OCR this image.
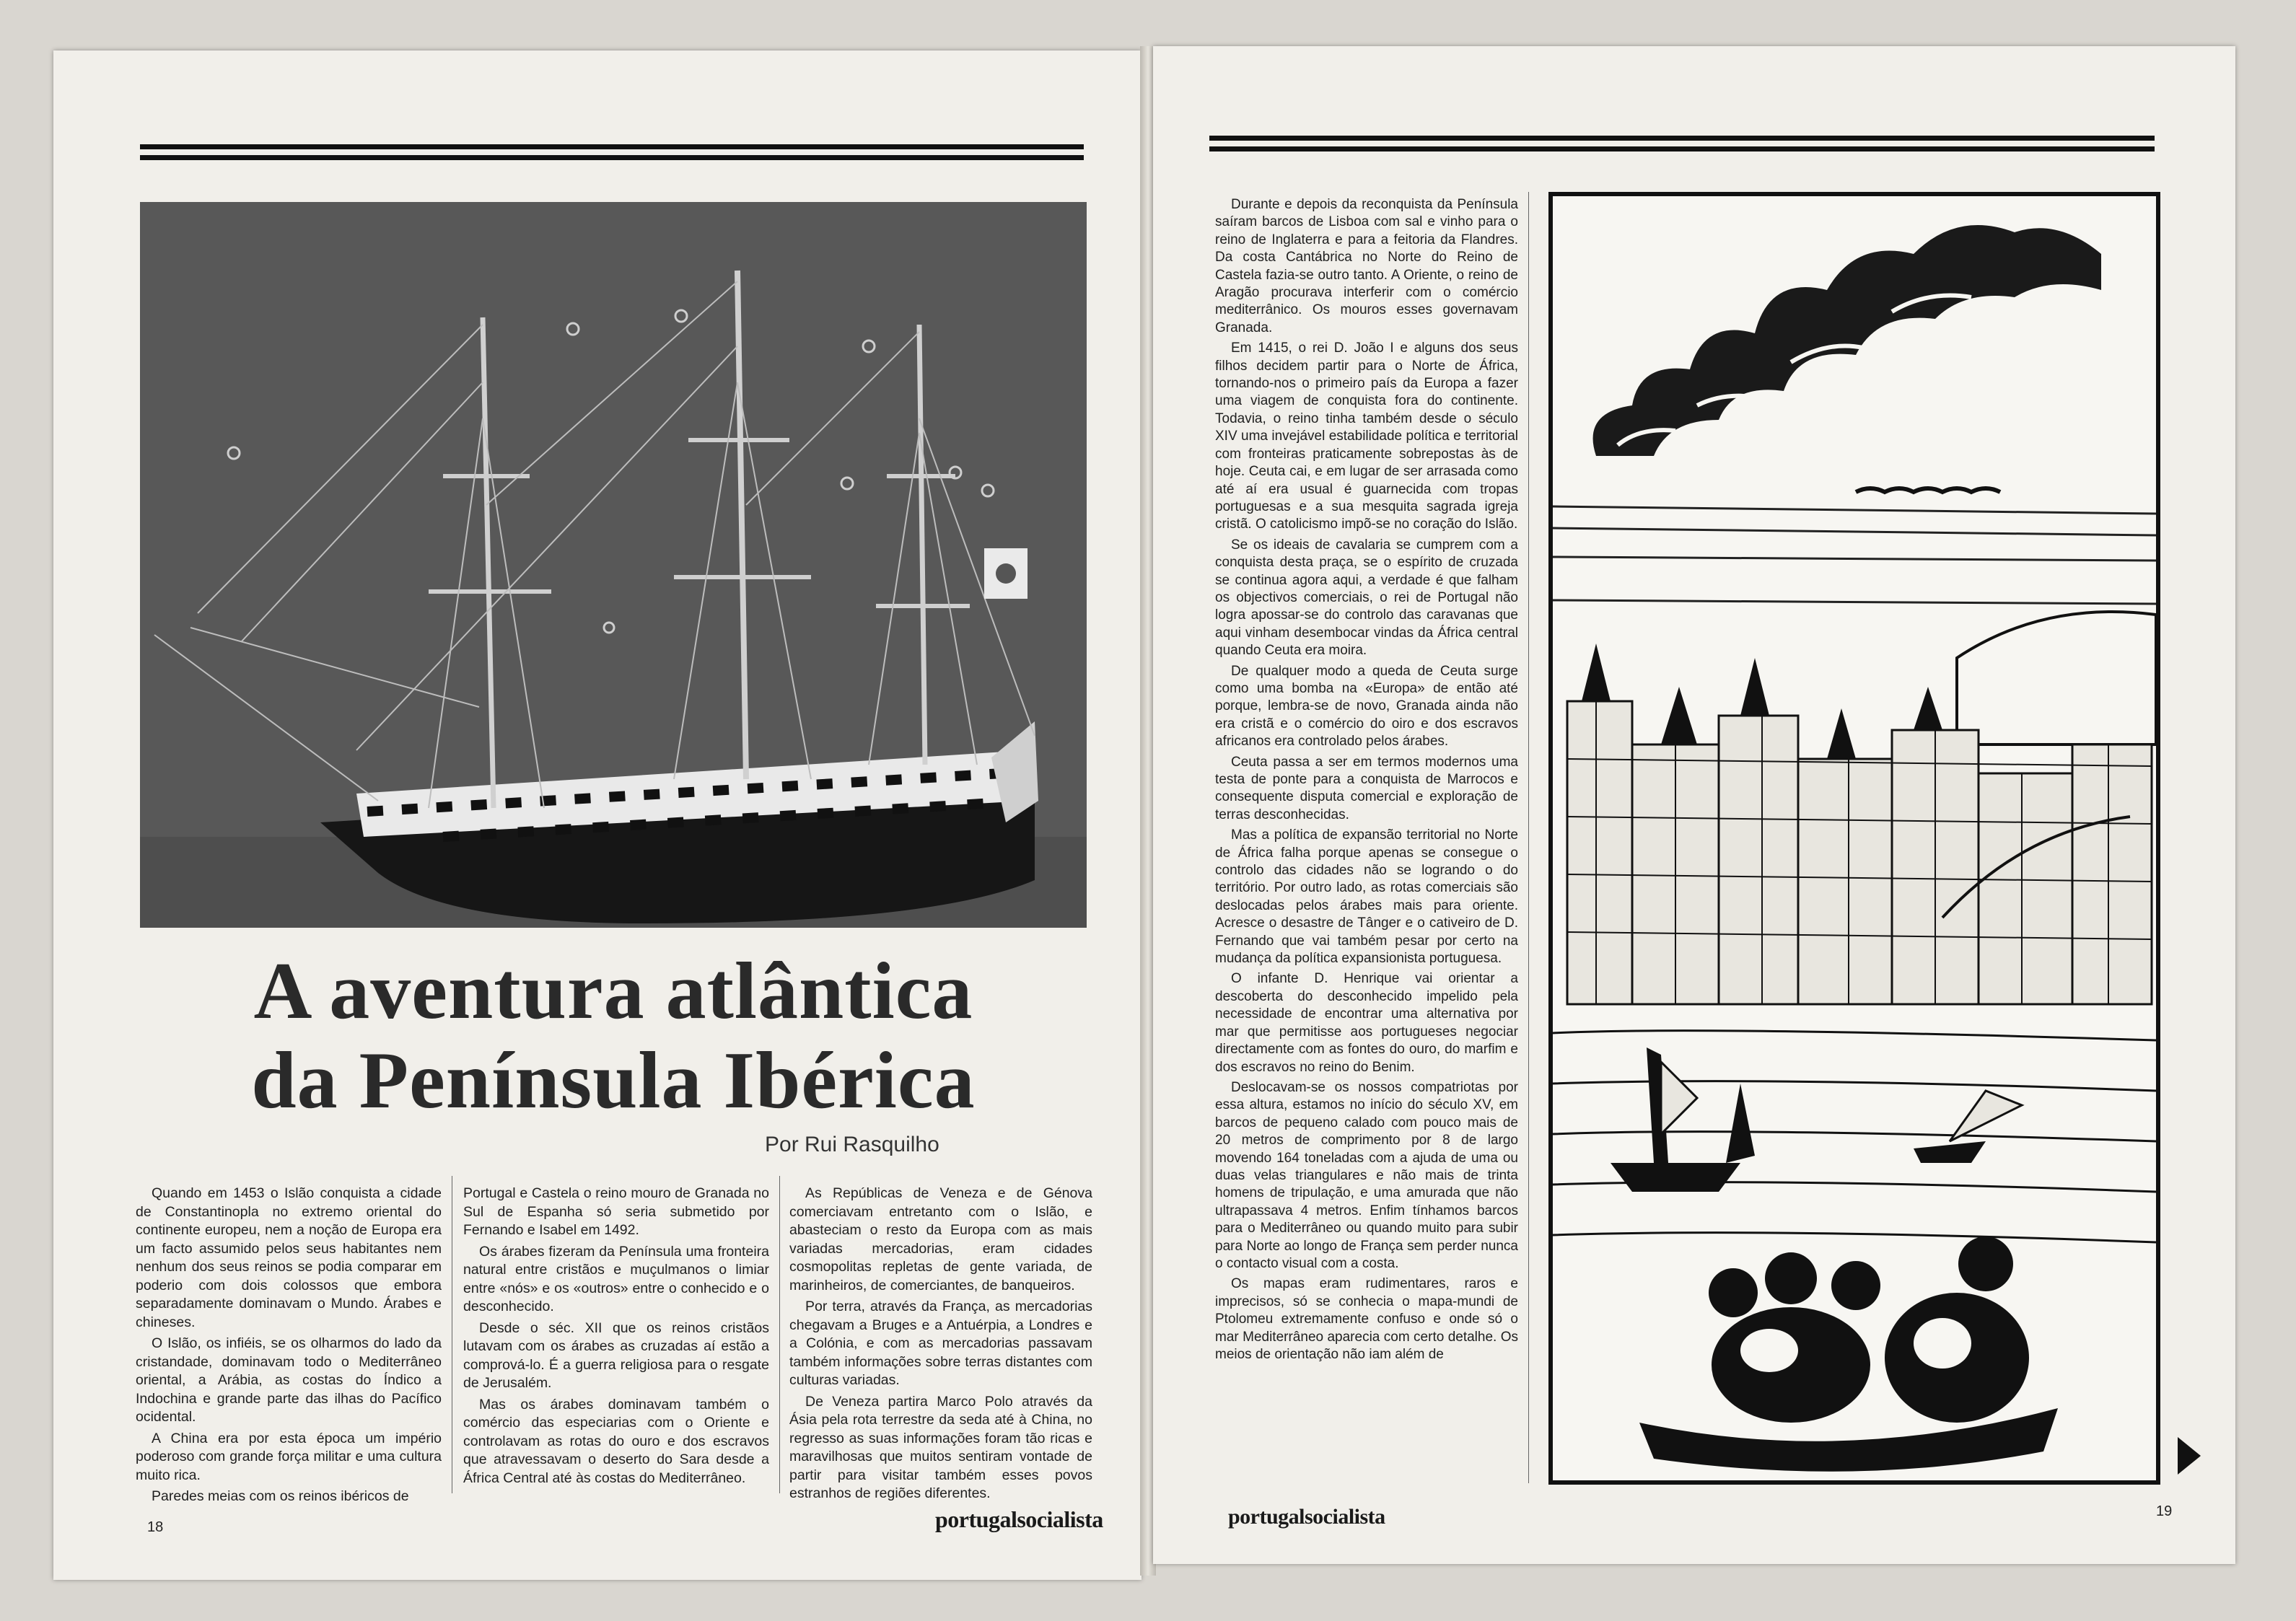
A aventura atlântica
da Península Ibérica
Por Rui Rasquilho

Quando em 1453 o Islão conquista a cidade de Constantinopla no extremo oriental do continente europeu, nem a noção de Europa era um facto assumido pelos seus habitantes nem nenhum dos seus reinos se podia comparar em poderio com dois colossos que embora separadamente dominavam o Mundo. Árabes e chineses.

O Islão, os infiéis, se os olharmos do lado da cristandade, dominavam todo o Mediterrâneo oriental, a Arábia, as costas do Índico a Indochina e grande parte das ilhas do Pacífico ocidental.

A China era por esta época um império poderoso com grande força militar e uma cultura muito rica.

Paredes meias com os reinos ibéricos de

Portugal e Castela o reino mouro de Granada no Sul de Espanha só seria submetido por Fernando e Isabel em 1492.

Os árabes fizeram da Península uma fronteira natural entre cristãos e muçulmanos o limiar entre «nós» e os «outros» entre o conhecido e o desconhecido.

Desde o séc. XII que os reinos cristãos lutavam com os árabes as cruzadas aí estão a comprová-lo. É a guerra religiosa para o resgate de Jerusalém.

Mas os árabes dominavam também o comércio das especiarias com o Oriente e controlavam as rotas do ouro e dos escravos que atravessavam o deserto do Sara desde a África Central até às costas do Mediterrâneo.

As Repúblicas de Veneza e de Génova comerciavam entretanto com o Islão, e abasteciam o resto da Europa com as mais variadas mercadorias, eram cidades cosmopolitas repletas de gente variada, de marinheiros, de comerciantes, de banqueiros.

Por terra, através da França, as mercadorias chegavam a Bruges e a Antuérpia, a Londres e a Colónia, e com as mercadorias passavam também informações sobre terras distantes com culturas variadas.

De Veneza partira Marco Polo através da Ásia pela rota terrestre da seda até à China, no regresso as suas informações foram tão ricas e maravilhosas que muitos sentiram vontade de partir para visitar também esses povos estranhos de regiões diferentes.

18	portugalsocialista

Durante e depois da reconquista da Península saíram barcos de Lisboa com sal e vinho para o reino de Inglaterra e para a feitoria da Flandres. Da costa Cantábrica no Norte do Reino de Castela fazia-se outro tanto. A Oriente, o reino de Aragão procurava interferir com o comércio mediterrânico. Os mouros esses governavam Granada.

Em 1415, o rei D. João I e alguns dos seus filhos decidem partir para o Norte de África, tornando-nos o primeiro país da Europa a fazer uma viagem de conquista fora do continente. Todavia, o reino tinha também desde o século XIV uma invejável estabilidade política e territorial com fronteiras praticamente sobrepostas às de hoje. Ceuta cai, e em lugar de ser arrasada como até aí era usual é guarnecida com tropas portuguesas e a sua mesquita sagrada igreja cristã. O catolicismo impõ-se no coração do Islão.

Se os ideais de cavalaria se cumprem com a conquista desta praça, se o espírito de cruzada se continua agora aqui, a verdade é que falham os objectivos comerciais, o rei de Portugal não logra apossar-se do controlo das caravanas que aqui vinham desembocar vindas da África central quando Ceuta era moira.

De qualquer modo a queda de Ceuta surge como uma bomba na «Europa» de então até porque, lembra-se de novo, Granada ainda não era cristã e o comércio do oiro e dos escravos africanos era controlado pelos árabes.

Ceuta passa a ser em termos modernos uma testa de ponte para a conquista de Marrocos e consequente disputa comercial e exploração de terras desconhecidas.

Mas a política de expansão territorial no Norte de África falha porque apenas se consegue o controlo das cidades não se logrando o do território. Por outro lado, as rotas comerciais são deslocadas pelos árabes mais para oriente. Acresce o desastre de Tânger e o cativeiro de D. Fernando que vai também pesar por certo na mudança da política expansionista portuguesa.

O infante D. Henrique vai orientar a descoberta do desconhecido impelido pela necessidade de encontrar uma alternativa por mar que permitisse aos portugueses negociar directamente com as fontes do ouro, do marfim e dos escravos no reino do Benim.

Deslocavam-se os nossos compatriotas por essa altura, estamos no início do século XV, em barcos de pequeno calado com pouco mais de 20 metros de comprimento por 8 de largo movendo 164 toneladas com a ajuda de uma ou duas velas triangulares e não mais de trinta homens de tripulação, e uma amurada que não ultrapassava 4 metros. Enfim tínhamos barcos para o Mediterrâneo ou quando muito para subir para Norte ao longo de França sem perder nunca o contacto visual com a costa.

Os mapas eram rudimentares, raros e imprecisos, só se conhecia o mapa-mundi de Ptolomeu extremamente confuso e onde só o mar Mediterrâneo aparecia com certo detalhe. Os meios de orientação não iam além de

portugalsocialista	19
